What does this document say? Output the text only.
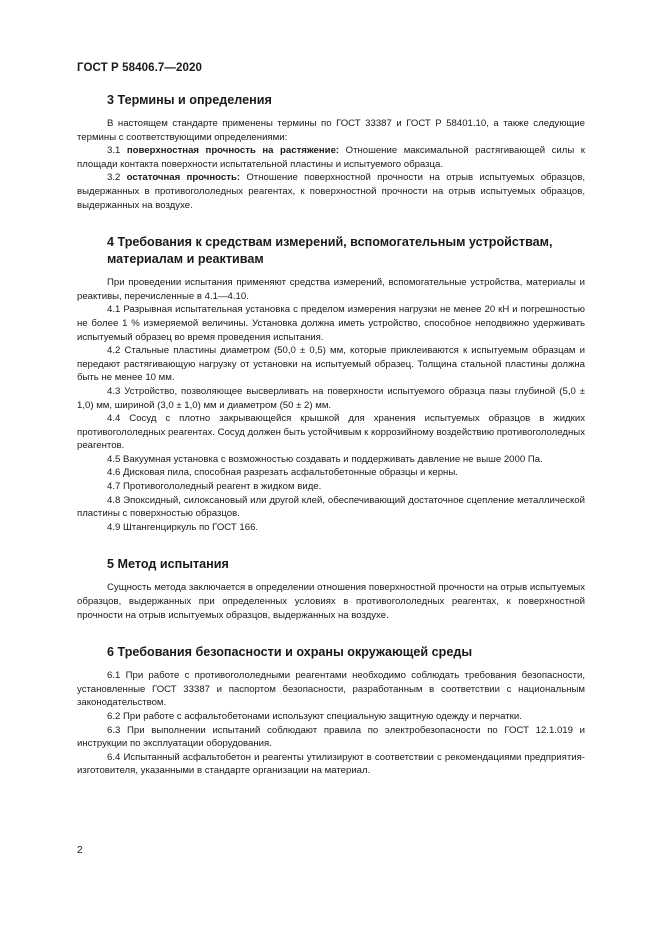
ГОСТ Р 58406.7—2020
3 Термины и определения

В настоящем стандарте применены термины по ГОСТ 33387 и ГОСТ Р 58401.10, а также следующие термины с соответствующими определениями:

3.1 поверхностная прочность на растяжение: Отношение максимальной растягивающей силы к площади контакта поверхности испытательной пластины и испытуемого образца.

3.2 остаточная прочность: Отношение поверхностной прочности на отрыв испытуемых образцов, выдержанных в противогололедных реагентах, к поверхностной прочности на отрыв испытуемых образцов, выдержанных на воздухе.

4 Требования к средствам измерений, вспомогательным устройствам, материалам и реактивам

При проведении испытания применяют средства измерений, вспомогательные устройства, материалы и реактивы, перечисленные в 4.1—4.10.

4.1 Разрывная испытательная установка с пределом измерения нагрузки не менее 20 кН и погрешностью не более 1 % измеряемой величины. Установка должна иметь устройство, способное неподвижно удерживать испытуемый образец во время проведения испытания.

4.2 Стальные пластины диаметром (50,0 ± 0,5) мм, которые приклеиваются к испытуемым образцам и передают растягивающую нагрузку от установки на испытуемый образец. Толщина стальной пластины должна быть не менее 10 мм.

4.3 Устройство, позволяющее высверливать на поверхности испытуемого образца пазы глубиной (5,0 ± 1,0) мм, шириной (3,0 ± 1,0) мм и диаметром (50 ± 2) мм.

4.4 Сосуд с плотно закрывающейся крышкой для хранения испытуемых образцов в жидких противогололедных реагентах. Сосуд должен быть устойчивым к коррозийному воздействию противогололедных реагентов.

4.5 Вакуумная установка с возможностью создавать и поддерживать давление не выше 2000 Па.

4.6 Дисковая пила, способная разрезать асфальтобетонные образцы и керны.

4.7 Противогололедный реагент в жидком виде.

4.8 Эпоксидный, силоксановый или другой клей, обеспечивающий достаточное сцепление металлической пластины с поверхностью образцов.

4.9 Штангенциркуль по ГОСТ 166.

5 Метод испытания

Сущность метода заключается в определении отношения поверхностной прочности на отрыв испытуемых образцов, выдержанных при определенных условиях в противогололедных реагентах, к поверхностной прочности на отрыв испытуемых образцов, выдержанных на воздухе.

6 Требования безопасности и охраны окружающей среды

6.1 При работе с противогололедными реагентами необходимо соблюдать требования безопасности, установленные ГОСТ 33387 и паспортом безопасности, разработанным в соответствии с национальным законодательством.

6.2 При работе с асфальтобетонами используют специальную защитную одежду и перчатки.

6.3 При выполнении испытаний соблюдают правила по электробезопасности по ГОСТ 12.1.019 и инструкции по эксплуатации оборудования.

6.4 Испытанный асфальтобетон и реагенты утилизируют в соответствии с рекомендациями предприятия-изготовителя, указанными в стандарте организации на материал.

2
